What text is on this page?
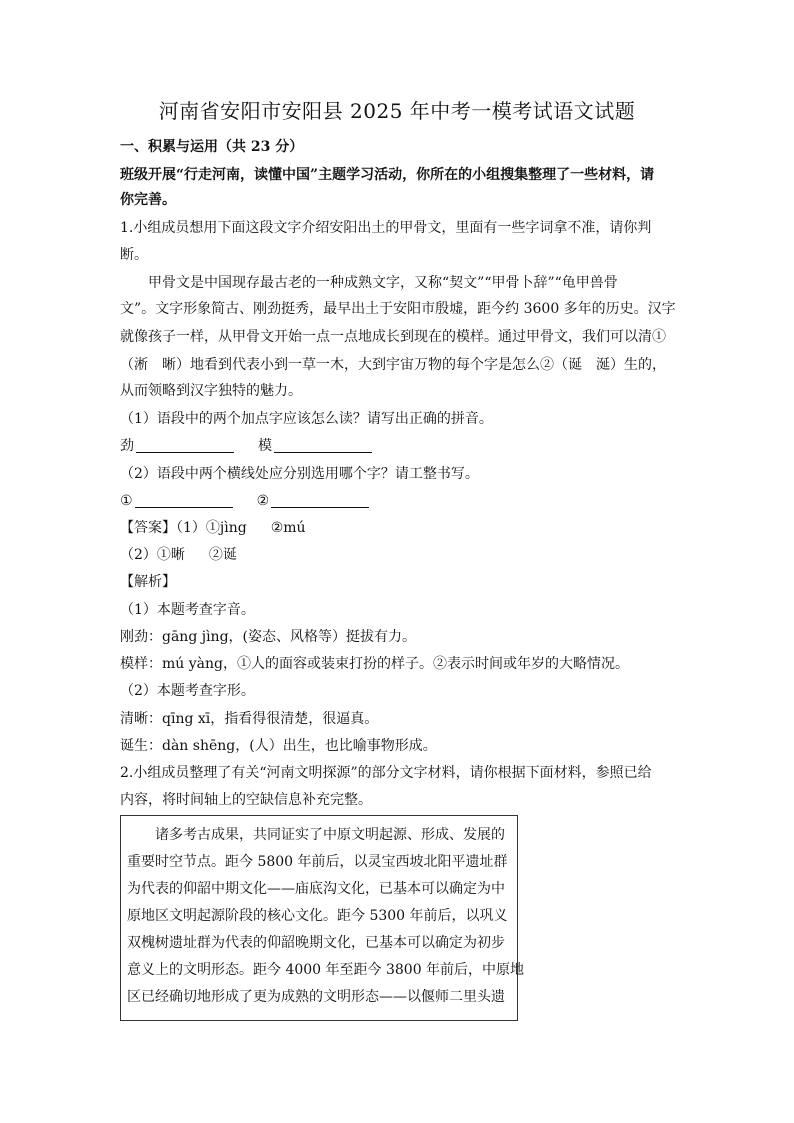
河南省安阳市安阳县 2025 年中考一模考试语文试题
一、积累与运用（共 23 分）
班级开展“行走河南，读懂中国”主题学习活动，你所在的小组搜集整理了一些材料，请
你完善。
1.小组成员想用下面这段文字介绍安阳出土的甲骨文，里面有一些字词拿不准，请你判
断。
甲骨文是中国现存最古老的一种成熟文字，又称“契文”“甲骨卜辞”“龟甲兽骨
文”。文字形象简古、刚劲挺秀，最早出土于安阳市殷墟，距今约 3600 多年的历史。汉字
就像孩子一样，从甲骨文开始一点一点地成长到现在的模样。通过甲骨文，我们可以清①
（淅　晰）地看到代表小到一草一木，大到宇宙万物的每个字是怎么②（诞　涎）生的，
从而领略到汉字独特的魅力。
（1）语段中的两个加点字应该怎么读？请写出正确的拼音。
劲	模
（2）语段中两个横线处应分别选用哪个字？请工整书写。
①	②
【答案】（1）①jìng ②mú
（2）①晰 ②诞
【解析】
（1）本题考查字音。
刚劲：gāng jìng，(姿态、风格等）挺拔有力。
模样：mú yàng，①人的面容或装束打扮的样子。②表示时间或年岁的大略情况。
（2）本题考查字形。
清晰：qīng xī，指看得很清楚，很逼真。
诞生：dàn shēng，(人）出生，也比喻事物形成。
2.小组成员整理了有关“河南文明探源”的部分文字材料，请你根据下面材料，参照已给
内容，将时间轴上的空缺信息补充完整。
诸多考古成果，共同证实了中原文明起源、形成、发展的
重要时空节点。距今 5800 年前后，以灵宝西坡北阳平遗址群
为代表的仰韶中期文化——庙底沟文化，已基本可以确定为中
原地区文明起源阶段的核心文化。距今 5300 年前后，以巩义
双槐树遗址群为代表的仰韶晚期文化，已基本可以确定为初步
意义上的文明形态。距今 4000 年至距今 3800 年前后，中原地
区已经确切地形成了更为成熟的文明形态——以偃师二里头遗
